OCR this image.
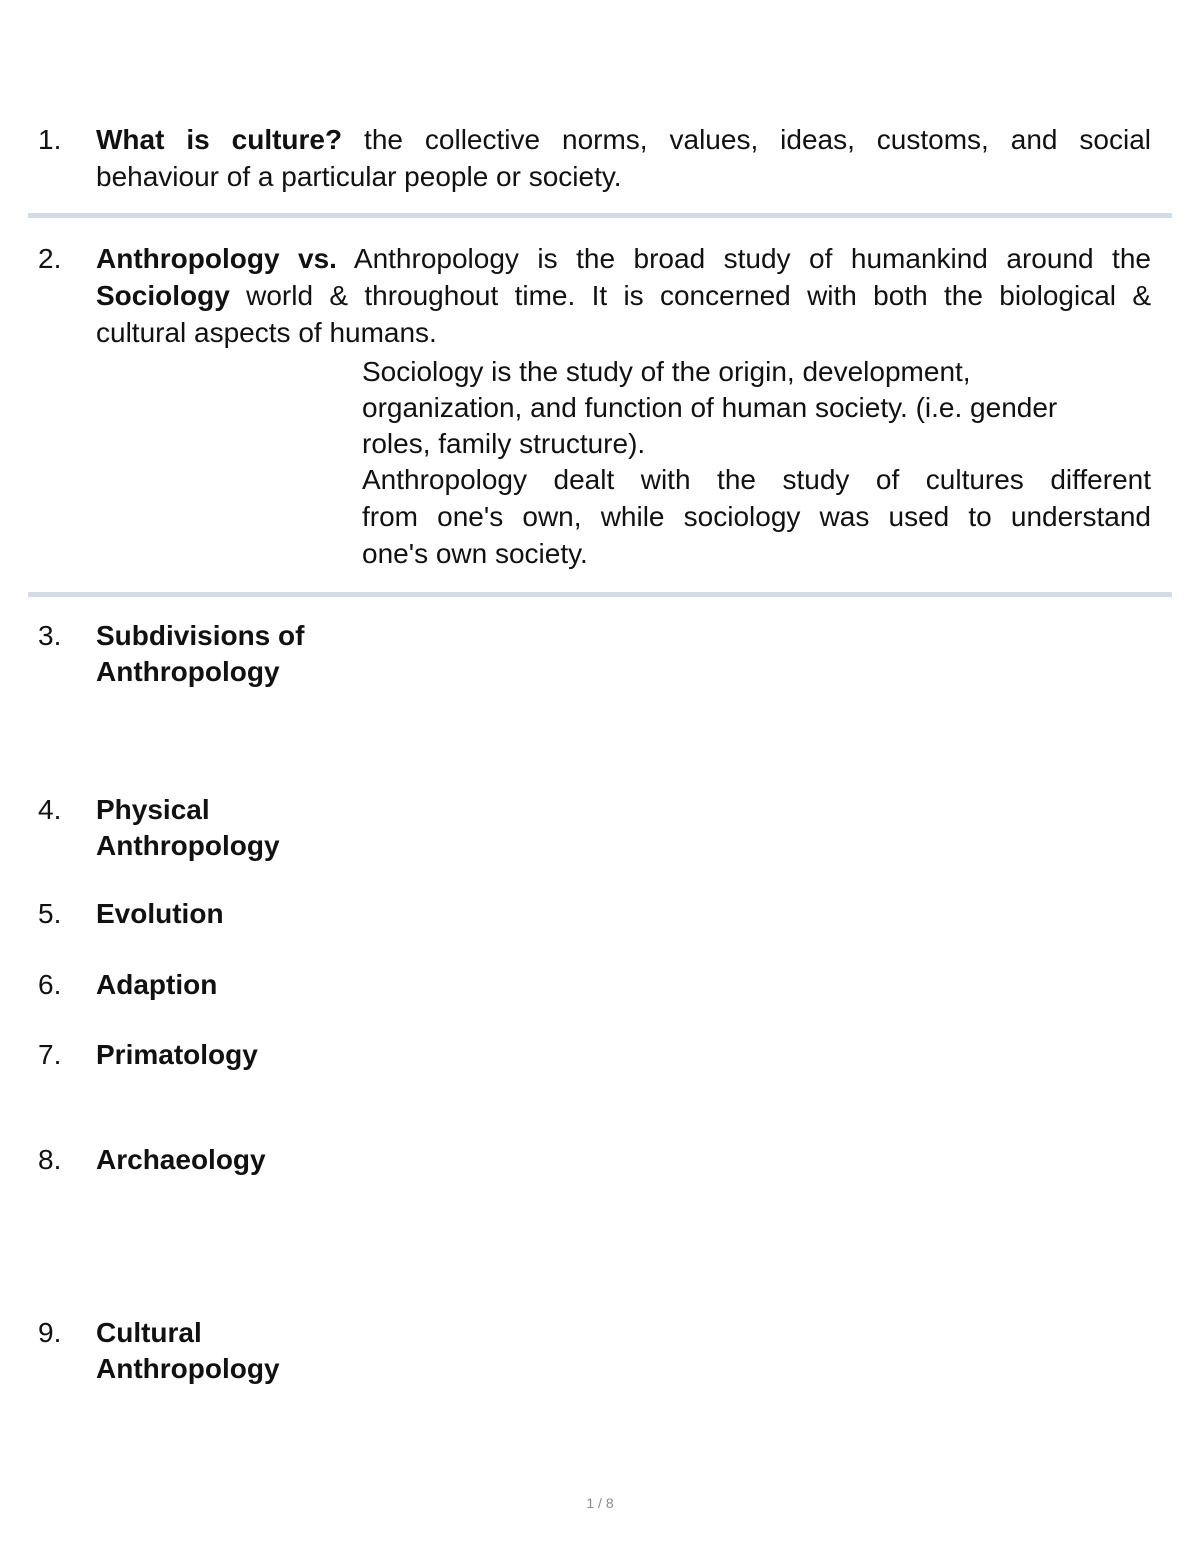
1.	What is culture? the collective norms, values, ideas, customs, and social
behaviour of a particular people or society.
2.	Anthropology vs. Anthropology is the broad study of humankind around the
Sociology world & throughout time. It is concerned with both the biological &
cultural aspects of humans.
Sociology is the study of the origin, development,
organization, and function of human society. (i.e. gender
roles, family structure).
Anthropology dealt with the study of cultures different
from one's own, while sociology was used to understand
one's own society.
3.	Subdivisions of
Anthropology
4.	Physical
Anthropology
5.	Evolution
6.	Adaption
7.	Primatology
8.	Archaeology
9.	Cultural
Anthropology
1 / 8
